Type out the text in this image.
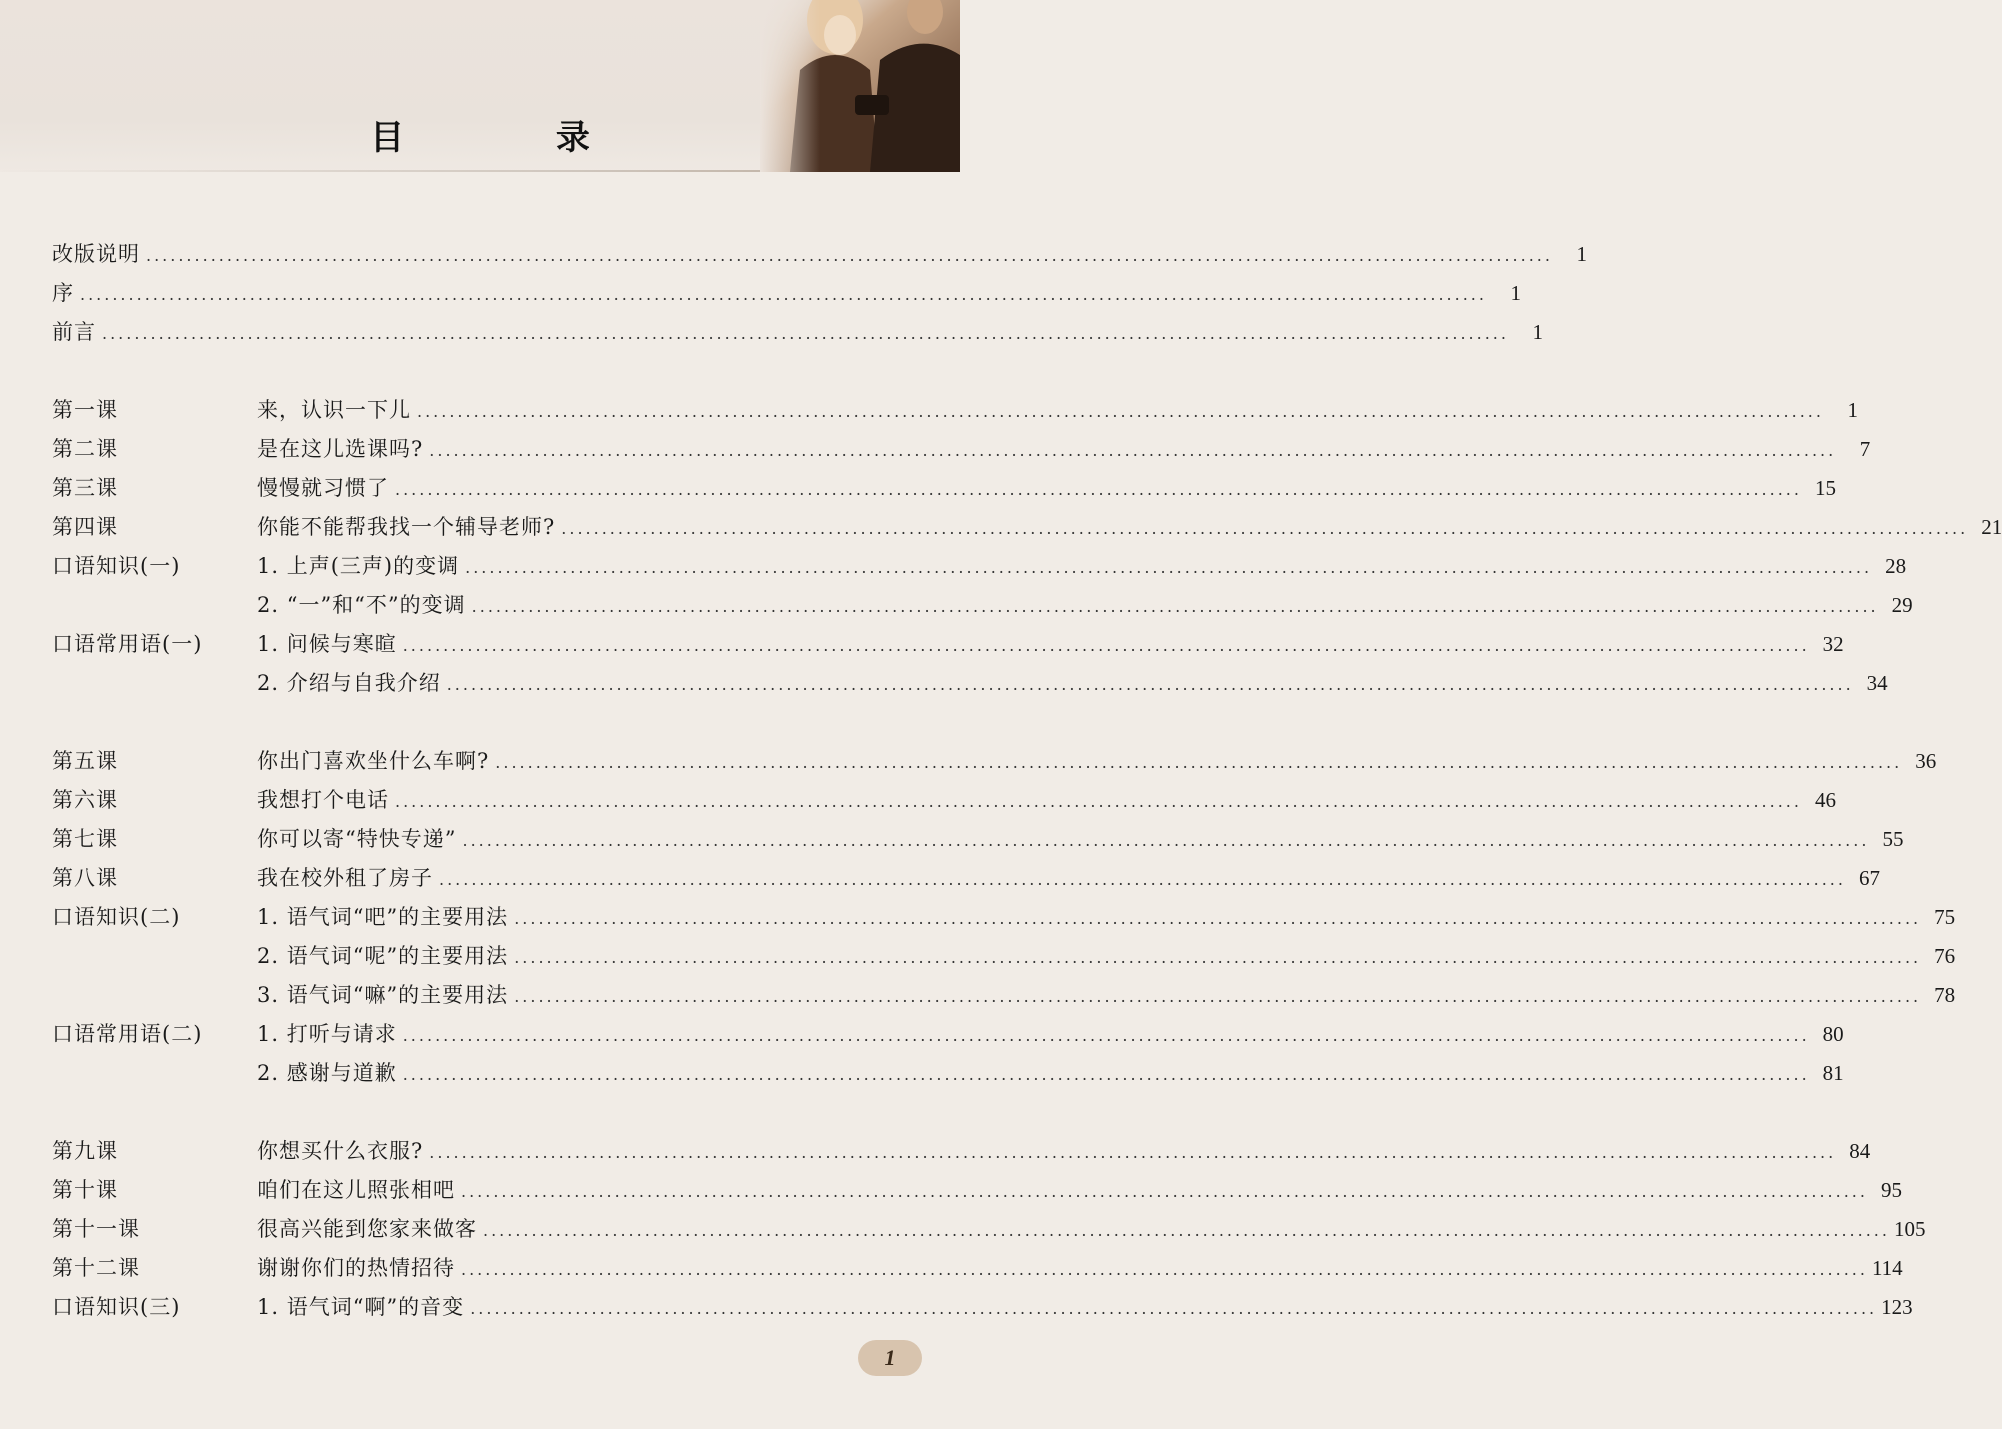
目 录
改版说明 ..............................................................................................................................................................................	1
序 ..............................................................................................................................................................................	1
前言 ..............................................................................................................................................................................	1
第一课	来，认识一下儿 ..............................................................................................................................................................................	1
第二课	是在这儿选课吗? ..............................................................................................................................................................................	7
第三课	慢慢就习惯了 .............................................................................................................................................................................. 15
第四课	你能不能帮我找一个辅导老师? .............................................................................................................................................................................. 21
口语知识(一)	1. 上声(三声)的变调 .............................................................................................................................................................................. 28
2. “一”和“不”的变调 .............................................................................................................................................................................. 29
口语常用语(一)	1. 问候与寒暄 .............................................................................................................................................................................. 32
2. 介绍与自我介绍 .............................................................................................................................................................................. 34
第五课	你出门喜欢坐什么车啊? .............................................................................................................................................................................. 36
第六课	我想打个电话 .............................................................................................................................................................................. 46
第七课	你可以寄“特快专递” .............................................................................................................................................................................. 55
第八课	我在校外租了房子 .............................................................................................................................................................................. 67
口语知识(二)	1. 语气词“吧”的主要用法 .............................................................................................................................................................................. 75
2. 语气词“呢”的主要用法 .............................................................................................................................................................................. 76
3. 语气词“嘛”的主要用法 .............................................................................................................................................................................. 78
口语常用语(二)	1. 打听与请求 .............................................................................................................................................................................. 80
2. 感谢与道歉 .............................................................................................................................................................................. 81
第九课	你想买什么衣服? .............................................................................................................................................................................. 84
第十课	咱们在这儿照张相吧 .............................................................................................................................................................................. 95
第十一课	很高兴能到您家来做客 .............................................................................................................................................................................. 105
第十二课	谢谢你们的热情招待 .............................................................................................................................................................................. 114
口语知识(三)	1. 语气词“啊”的音变 .............................................................................................................................................................................. 123
1
